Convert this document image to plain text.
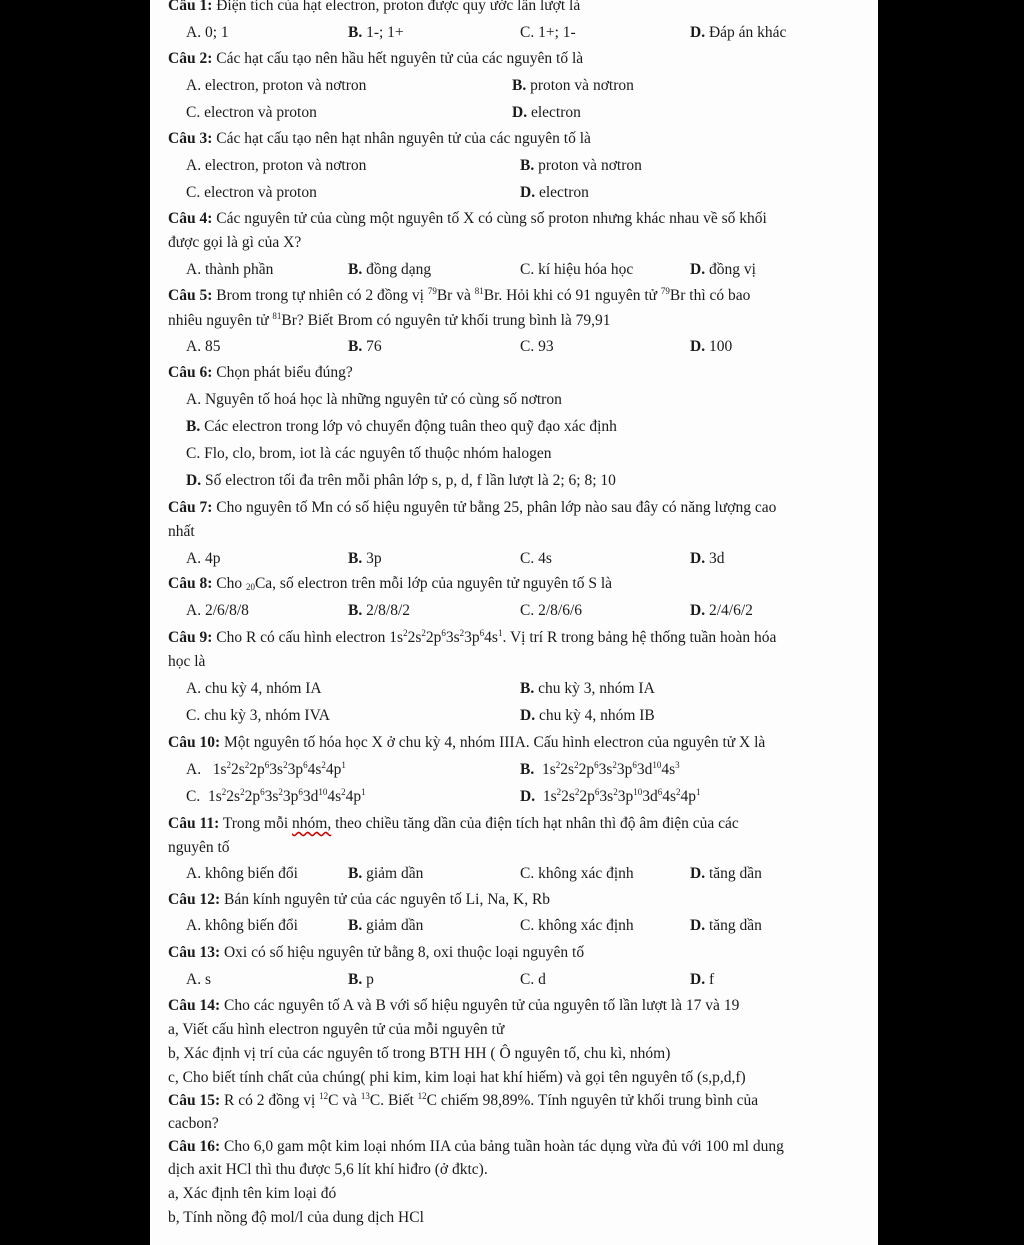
Câu 1: Điện tích của hạt electron, proton được quy ước lần lượt là
A. 0; 1	B. 1-; 1+	C. 1+; 1-	D. Đáp án khác
Câu 2: Các hạt cấu tạo nên hầu hết nguyên tử của các nguyên tố là
A. electron, proton và nơtron	B. proton và nơtron
C. electron và proton	D. electron
Câu 3: Các hạt cấu tạo nên hạt nhân nguyên tử của các nguyên tố là
A. electron, proton và nơtron	B. proton và nơtron
C. electron và proton	D. electron
Câu 4: Các nguyên tử của cùng một nguyên tố X có cùng số proton nhưng khác nhau về số khối
được gọi là gì của X?
A. thành phần	B. đồng dạng	C. kí hiệu hóa học	D. đồng vị
Câu 5: Brom trong tự nhiên có 2 đồng vị $^{79}$Br và $^{81}$Br. Hỏi khi có 91 nguyên tử $^{79}$Br thì có bao
nhiêu nguyên tử $^{81}$Br? Biết Brom có nguyên tử khối trung bình là 79,91
A. 85	B. 76	C. 93	D. 100
Câu 6: Chọn phát biểu đúng?
A. Nguyên tố hoá học là những nguyên tử có cùng số nơtron
B. Các electron trong lớp vỏ chuyển động tuân theo quỹ đạo xác định
C. Flo, clo, brom, iot là các nguyên tố thuộc nhóm halogen
D. Số electron tối đa trên mỗi phân lớp s, p, d, f lần lượt là 2; 6; 8; 10
Câu 7: Cho nguyên tố Mn có số hiệu nguyên tử bằng 25, phân lớp nào sau đây có năng lượng cao
nhất
A. 4p	B. 3p	C. 4s	D. 3d
Câu 8: Cho $_{20}$Ca, số electron trên mỗi lớp của nguyên tử nguyên tố S là
A. 2/6/8/8	B. 2/8/8/2	C. 2/8/6/6	D. 2/4/6/2
Câu 9: Cho R có cấu hình electron $1s^22s^22p^63s^23p^64s^1$. Vị trí R trong bảng hệ thống tuần hoàn hóa
học là
A. chu kỳ 4, nhóm IA	B. chu kỳ 3, nhóm IA
C. chu kỳ 3, nhóm IVA	D. chu kỳ 4, nhóm IB
Câu 10: Một nguyên tố hóa học X ở chu kỳ 4, nhóm IIIA. Cấu hình electron của nguyên tử X là
A.   $1s^22s^22p^63s^23p^64s^24p^1$	B.  $1s^22s^22p^63s^23p^63d^{10}4s^3$
C.  $1s^22s^22p^63s^23p^63d^{10}4s^24p^1$	D.  $1s^22s^22p^63s^23p^{10}3d^64s^24p^1$
Câu 11: Trong mỗi nhóm, theo chiều tăng dần của điện tích hạt nhân thì độ âm điện của các
nguyên tố
A. không biến đổi	B. giảm dần	C. không xác định	D. tăng dần
Câu 12: Bán kính nguyên tử của các nguyên tố Li, Na, K, Rb
A. không biến đổi	B. giảm dần	C. không xác định	D. tăng dần
Câu 13: Oxi có số hiệu nguyên tử bằng 8, oxi thuộc loại nguyên tố
A. s	B. p	C. d	D. f
Câu 14: Cho các nguyên tố A và B với số hiệu nguyên tử của nguyên tố lần lượt là 17 và 19
a, Viết cấu hình electron nguyên tử của mỗi nguyên tử
b, Xác định vị trí của các nguyên tố trong BTH HH ( Ô nguyên tố, chu kì, nhóm)
c, Cho biết tính chất của chúng( phi kim, kim loại hat khí hiếm) và gọi tên nguyên tố (s,p,d,f)
Câu 15: R có 2 đồng vị $^{12}$C và $^{13}$C. Biết $^{12}$C chiếm 98,89%. Tính nguyên tử khối trung bình của
cacbon?
Câu 16: Cho 6,0 gam một kim loại nhóm IIA của bảng tuần hoàn tác dụng vừa đủ với 100 ml dung
dịch axit HCl thì thu được 5,6 lít khí hiđro (ở đktc).
a, Xác định tên kim loại đó
b, Tính nồng độ mol/l của dung dịch HCl
